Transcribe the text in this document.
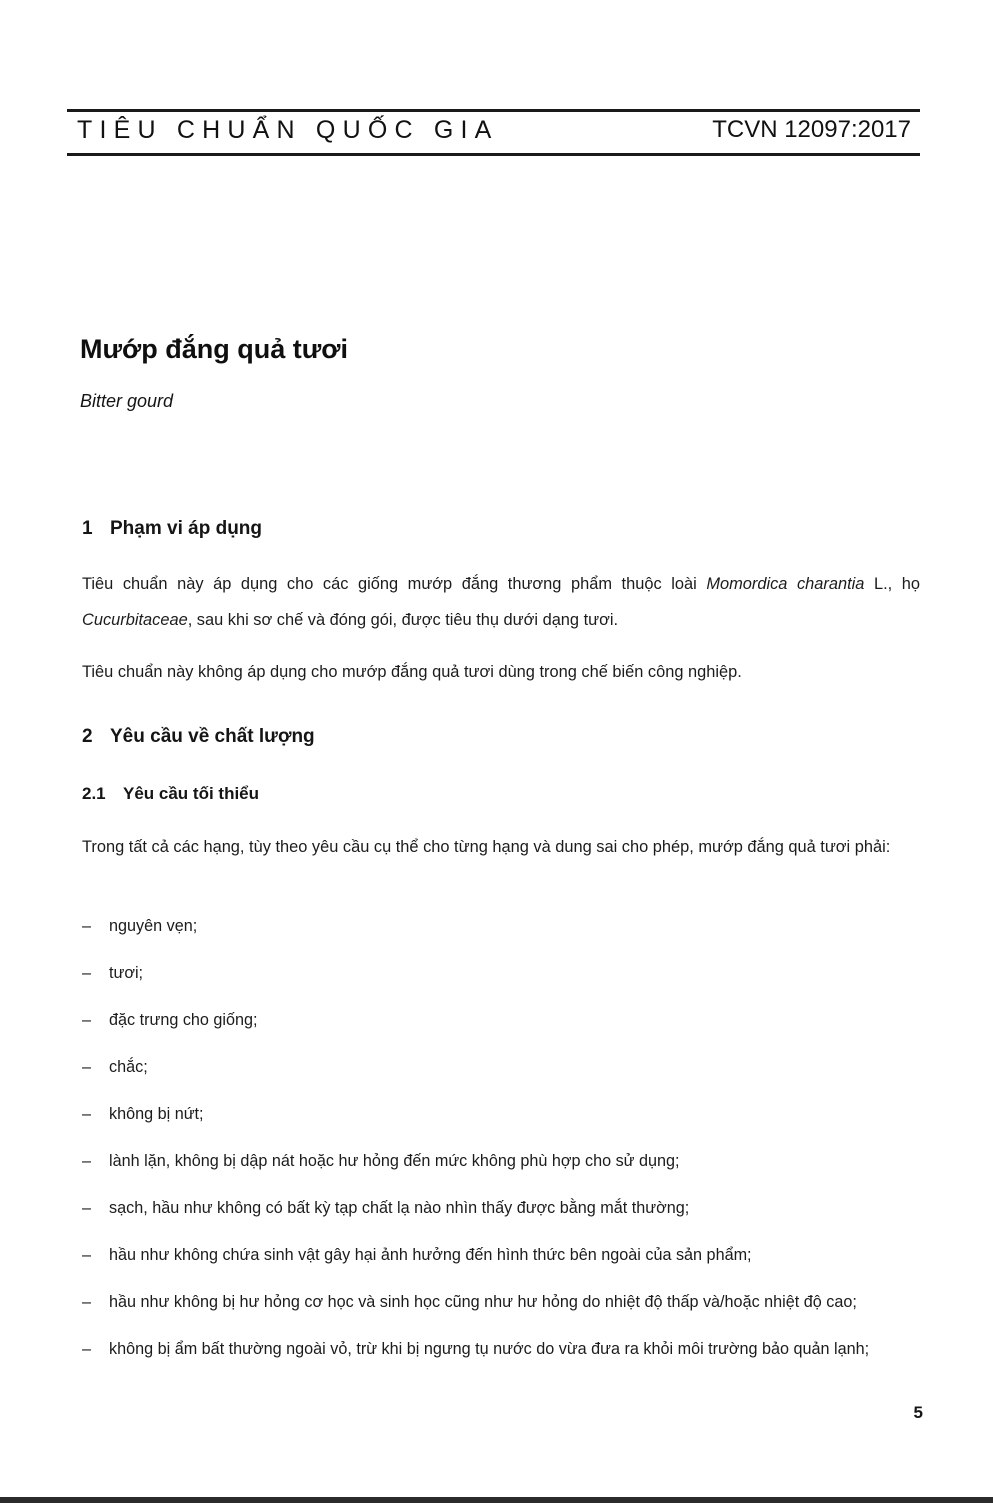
TIÊU CHUẨN QUỐC GIA	TCVN 12097:2017
Mướp đắng quả tươi
Bitter gourd
1 Phạm vi áp dụng
Tiêu chuẩn này áp dụng cho các giống mướp đắng thương phẩm thuộc loài Momordica charantia L., họ Cucurbitaceae, sau khi sơ chế và đóng gói, được tiêu thụ dưới dạng tươi.
Tiêu chuẩn này không áp dụng cho mướp đắng quả tươi dùng trong chế biến công nghiệp.
2 Yêu cầu về chất lượng
2.1 Yêu cầu tối thiểu
Trong tất cả các hạng, tùy theo yêu cầu cụ thể cho từng hạng và dung sai cho phép, mướp đắng quả tươi phải:
– nguyên vẹn;
– tươi;
– đặc trưng cho giống;
– chắc;
– không bị nứt;
– lành lặn, không bị dập nát hoặc hư hỏng đến mức không phù hợp cho sử dụng;
– sạch, hầu như không có bất kỳ tạp chất lạ nào nhìn thấy được bằng mắt thường;
– hầu như không chứa sinh vật gây hại ảnh hưởng đến hình thức bên ngoài của sản phẩm;
– hầu như không bị hư hỏng cơ học và sinh học cũng như hư hỏng do nhiệt độ thấp và/hoặc nhiệt độ cao;
– không bị ẩm bất thường ngoài vỏ, trừ khi bị ngưng tụ nước do vừa đưa ra khỏi môi trường bảo quản lạnh;
5
